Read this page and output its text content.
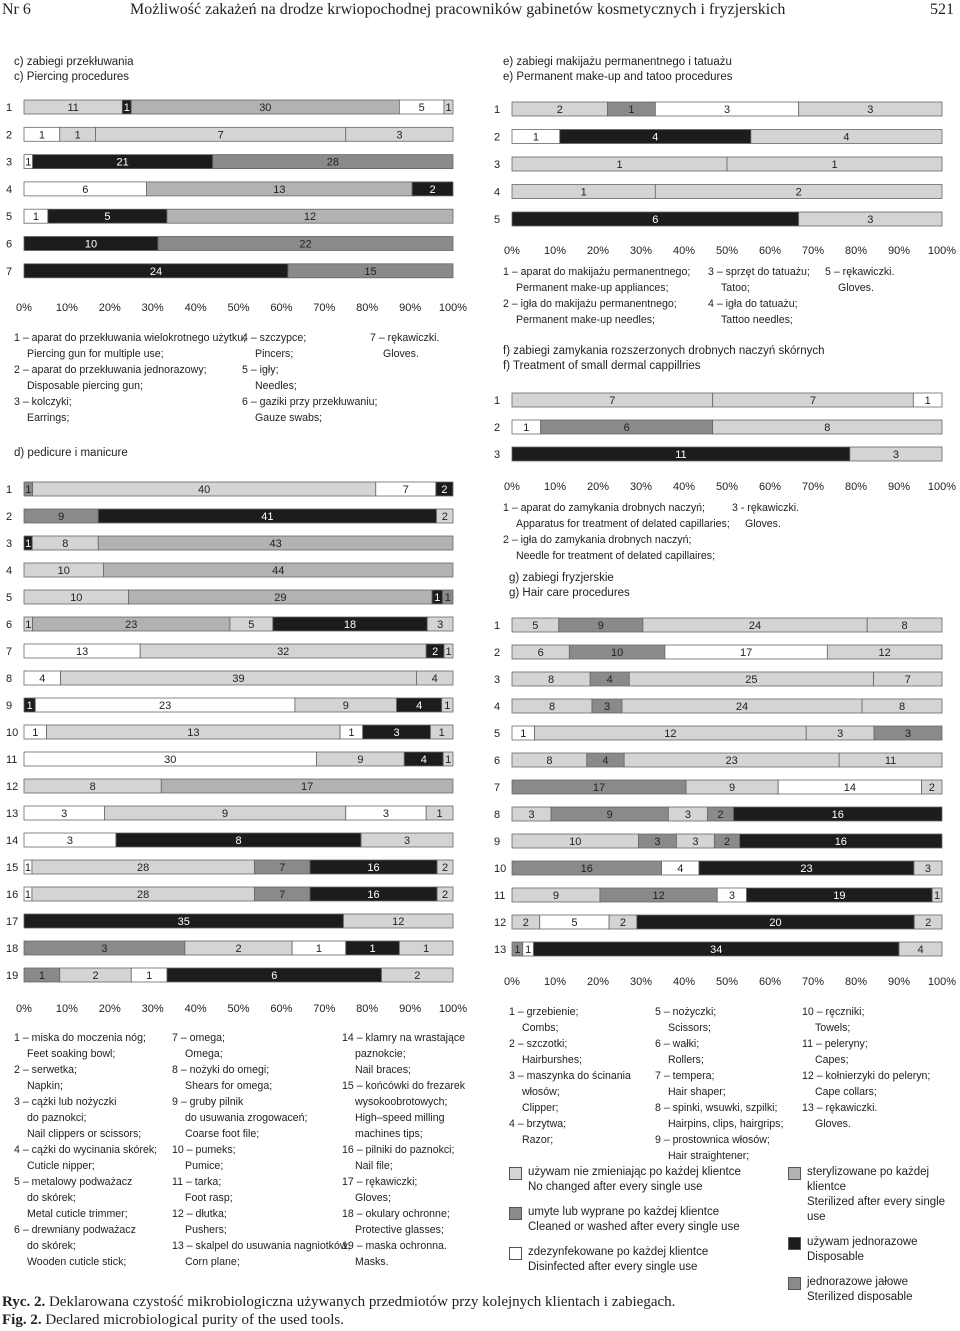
Nr 6	Możliwość zakażeń na drodze krwiopochodnej pracowników gabinetów kosmetycznych i fryzjerskich	521
c) zabiegi przekłuwania
c) Piercing procedures
1	11	1	30	5 1
2 1	1	7	3
3 1	21	28
4	6	13	2
5 1	5	12
6	10	22
7	24	15
0% 10% 20% 30% 40% 50% 60% 70% 80% 90% 100%
1 – aparat do przekłuwania wielokrotnego użytku;
Piercing gun for multiple use;
2 – aparat do przekłuwania jednorazowy;
Disposable piercing gun;
3 – kolczyki;
Earrings;
4 – szczypce;
Pincers;
5 – igły;
Needles;
6 – gaziki przy przekłuwaniu;
Gauze swabs;
7 – rękawiczki.
Gloves.
d) pedicure i manicure
1 1	40	7	2
2	9	41	2
3 1	8	43
4	10	44
5	10	29	1 1
6 1	23	5	18	3
7	13	32	2 1
8 4	39	4
9 1	23	9	4 1
10 1	13	1	3	1
11	30	9	4 1
12	8	17
13	3	9	3	1
14	3	8	3
15 1	28	7	16	2
16 1	28	7	16	2
17	35	12
18	3	2	1	1	1
19 1	2	1	6	2
0% 10% 20% 30% 40% 50% 60% 70% 80% 90% 100%
1 – miska do moczenia nóg;
Feet soaking bowl;
2 – serwetka;
Napkin;
3 – cążki lub nożyczki
do paznokci;
Nail clippers or scissors;
4 – cążki do wycinania skórek;
Cuticle nipper;
5 – metalowy podważacz
do skórek;
Metal cuticle trimmer;
6 – drewniany podważacz
do skórek;
Wooden cuticle stick;
7 – omega;
Omega;
8 – nożyki do omegi;
Shears for omega;
9 – gruby pilnik
do usuwania zrogowaceń;
Coarse foot file;
10 – pumeks;
Pumice;
11 – tarka;
Foot rasp;
12 – dłutka;
Pushers;
13 – skalpel do usuwania nagniotków;
Corn plane;
14 – klamry na wrastające
paznokcie;
Nail braces;
15 – końcówki do frezarek
wysokoobrotowych;
High–speed milling
machines tips;
16 – pilniki do paznokci;
Nail file;
17 – rękawiczki;
Gloves;
18 – okulary ochronne;
Protective glasses;
19 – maska ochronna.
Masks.
e) zabiegi makijażu permanentnego i tatuażu
e) Permanent make-up and tatoo procedures
1	2	1	3	3
2	1	4	4
3	1	1
4	1	2
5	6	3
0% 10% 20% 30% 40% 50% 60% 70% 80% 90% 100%
1 – aparat do makijażu permanentnego;
Permanent make-up appliances;
2 – igła do makijażu permanentnego;
Permanent make-up needles;
3 – sprzęt do tatuażu;
Tatoo;
4 – igła do tatuażu;
Tattoo needles;
5 – rękawiczki.
Gloves.
f) zabiegi zamykania rozszerzonych drobnych naczyń skórnych
f) Treatment of small dermal cappillries
1	7	7	1
2 1	6	8
3	11	3
0% 10% 20% 30% 40% 50% 60% 70% 80% 90% 100%
1 – aparat do zamykania drobnych naczyń;
Apparatus for treatment of delated capillaries;
2 – igła do zamykania drobnych naczyń;
Needle for treatment of delated capillaires;
3 - rękawiczki.
Gloves.
g) zabiegi fryzjerskie
g) Hair care procedures
1	5	9	24	8
2	6	10	17	12
3	8	4	25	7
4	8	3	24	8
5 1	12	3	3
6	8	4	23	11
7	17	9	14	2
8	3	9	3 2	16
9	10	3	3 2	16
10	16	4	23	3
11	9	12	3	19	1
12 2	5	2	20	2
13 1 1	34	4
0% 10% 20% 30% 40% 50% 60% 70% 80% 90% 100%
1 – grzebienie;
Combs;
2 – szczotki;
Hairburshes;
3 – maszynka do ścinania
włosów;
Clipper;
4 – brzytwa;
Razor;
5 – nożyczki;
Scissors;
6 – wałki;
Rollers;
7 – tempera;
Hair shaper;
8 – spinki, wsuwki, szpilki;
Hairpins, clips, hairgrips;
9 – prostownica włosów;
Hair straightener;
10 – ręczniki;
Towels;
11 – peleryny;
Capes;
12 – kołnierzyki do peleryn;
Cape collars;
13 – rękawiczki.
Gloves.
używam nie zmieniając po każdej klientce
No changed after every single use
umyte lub wyprane po każdej klientce
Cleaned or washed after every single use
zdezynfekowane po każdej klientce
Disinfected after every single use
sterylizowane po każdej klientce
Sterilized after every single use
używam jednorazowe
Disposable
jednorazowe jałowe
Sterilized disposable
Ryc. 2. Deklarowana czystość mikrobiologiczna używanych przedmiotów przy kolejnych klientach i zabiegach.
Fig. 2. Declared microbiological purity of the used tools.
